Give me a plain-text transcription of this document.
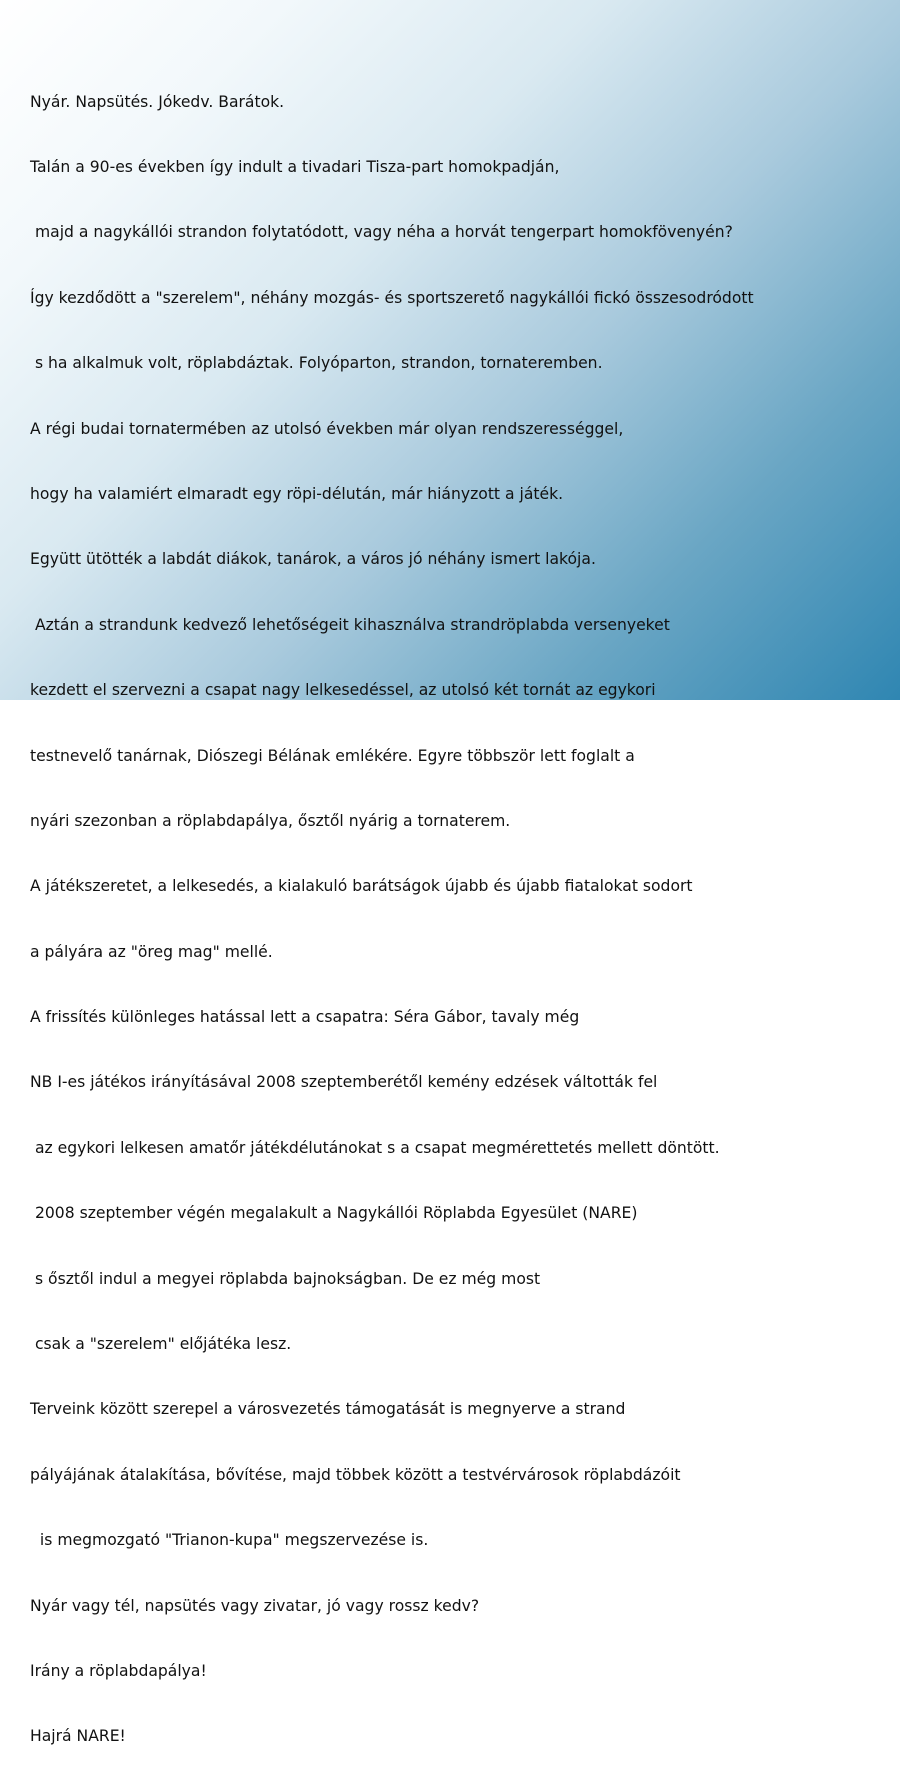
Nyár. Napsütés. Jókedv. Barátok.

Talán a 90-es években így indult a tivadari Tisza-part homokpadján,

majd a nagykállói strandon folytatódott, vagy néha a horvát tengerpart homokfövenyén?

Így kezdődött a "szerelem", néhány mozgás- és sportszerető nagykállói fickó összesodródott

s ha alkalmuk volt, röplabdáztak. Folyóparton, strandon, tornateremben.

A régi budai tornatermében az utolsó években már olyan rendszerességgel,

hogy ha valamiért elmaradt egy röpi-délután, már hiányzott a játék.

Együtt ütötték a labdát diákok, tanárok, a város jó néhány ismert lakója.

Aztán a strandunk kedvező lehetőségeit kihasználva strandröplabda versenyeket

kezdett el szervezni a csapat nagy lelkesedéssel, az utolsó két tornát az egykori

testnevelő tanárnak, Diószegi Bélának emlékére. Egyre többször lett foglalt a

nyári szezonban a röplabdapálya, ősztől nyárig a tornaterem.

A játékszeretet, a lelkesedés, a kialakuló barátságok újabb és újabb fiatalokat sodort

a pályára az "öreg mag" mellé.

A frissítés különleges hatással lett a csapatra: Séra Gábor, tavaly még

NB I-es játékos irányításával 2008 szeptemberétől kemény edzések váltották fel

az egykori lelkesen amatőr játékdélutánokat s a csapat megmérettetés mellett döntött.

2008 szeptember végén megalakult a Nagykállói Röplabda Egyesület (NARE)

s ősztől indul a megyei röplabda bajnokságban. De ez még most

csak a "szerelem" előjátéka lesz.

Terveink között szerepel a városvezetés támogatását is megnyerve a strand

pályájának átalakítása, bővítése, majd többek között a testvérvárosok röplabdázóit

is megmozgató "Trianon-kupa" megszervezése is.

Nyár vagy tél, napsütés vagy zivatar, jó vagy rossz kedv?

Irány a röplabdapálya!

Hajrá NARE!
